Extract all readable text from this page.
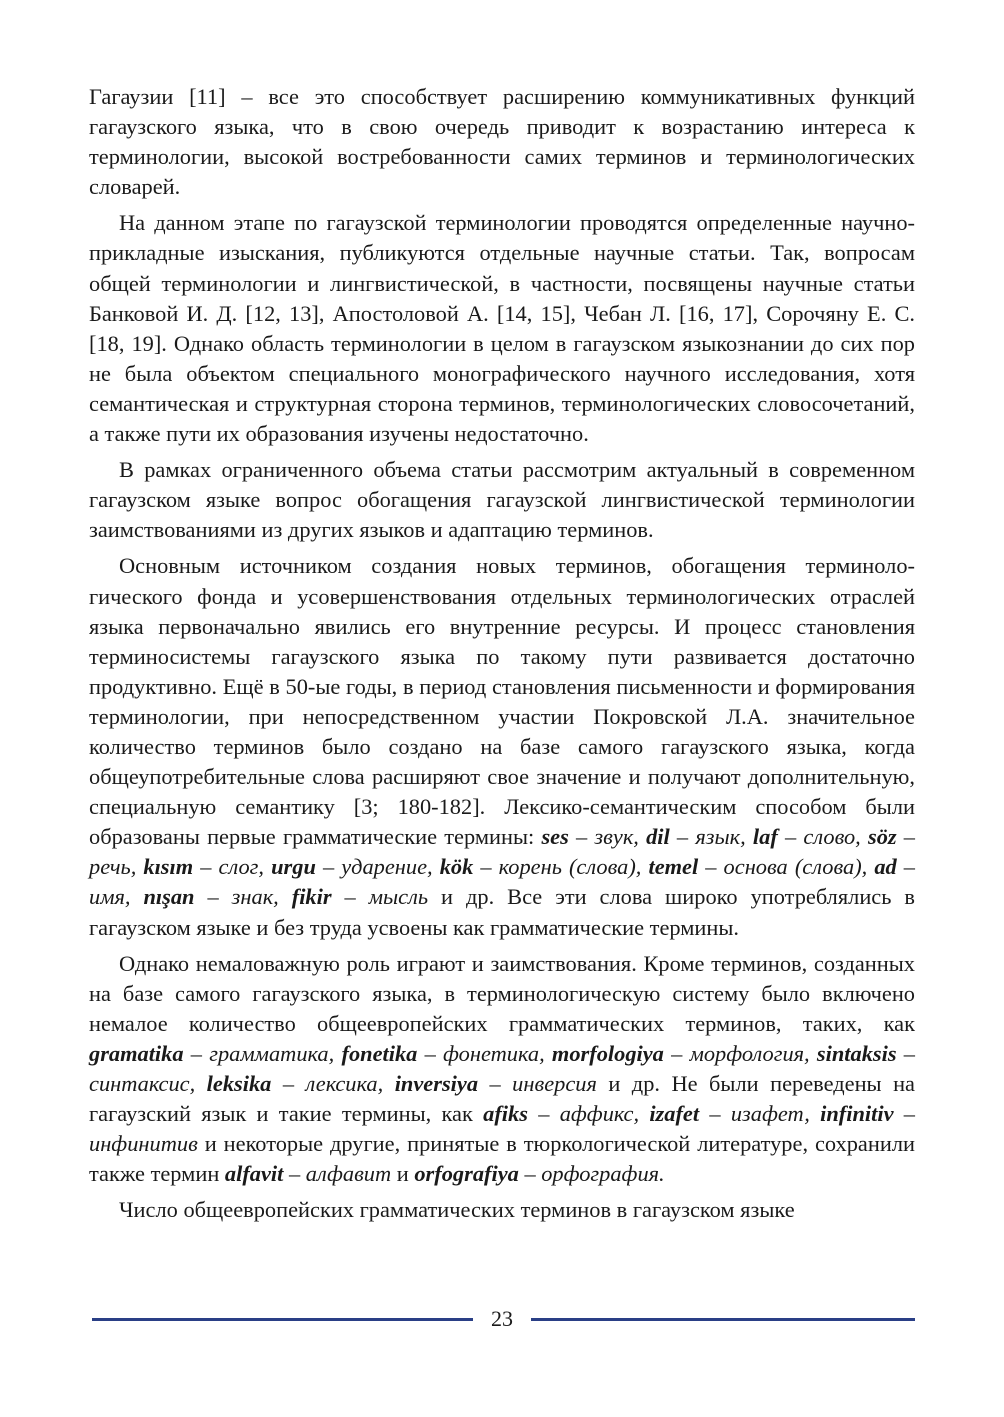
Гагаузии [11] – все это способствует расширению коммуникативных функций гагаузского языка, что в свою очередь приводит к возрастанию интереса к терминологии, высокой востребованности самих терминов и терминологических словарей.

На данном этапе по гагаузской терминологии проводятся определенные научно-прикладные изыскания, публикуются отдельные научные статьи. Так, вопросам общей терминологии и лингвистической, в частности, посвящены научные статьи Банковой И. Д. [12, 13], Апостоловой А. [14, 15], Чебан Л. [16, 17], Сорочяну Е. С. [18, 19]. Однако область терминологии в целом в гагаузском языкознании до сих пор не была объектом специального монографического научного исследования, хотя семантическая и структурная сторона терминов, терминологических словосочетаний, а также пути их образования изучены недостаточно.

В рамках ограниченного объема статьи рассмотрим актуальный в современном гагаузском языке вопрос обогащения гагаузской лингвистической терминологии заимствованиями из других языков и адаптацию терминов.

Основным источником создания новых терминов, обогащения терминологического фонда и усовершенствования отдельных терминологических отраслей языка первоначально явились его внутренние ресурсы. И процесс становления терминосистемы гагаузского языка по такому пути развивается достаточно продуктивно. Ещё в 50-ые годы, в период становления письменности и формирования терминологии, при непосредственном участии Покровской Л.А. значительное количество терминов было создано на базе самого гагаузского языка, когда общеупотребительные слова расширяют свое значение и получают дополнительную, специальную семантику [3; 180-182]. Лексико-семантическим способом были образованы первые грамматические термины: ses – звук, dil – язык, laf – слово, söz – речь, kısım – слог, urgu – ударение, kök – корень (слова), temel – основа (слова), ad – имя, nışan – знак, fikir – мысль и др. Все эти слова широко употреблялись в гагаузском языке и без труда усвоены как грамматические термины.

Однако немаловажную роль играют и заимствования. Кроме терминов, созданных на базе самого гагаузского языка, в терминологическую систему было включено немалое количество общеевропейских грамматических терминов, таких, как gramatika – грамматика, fonetika – фонетика, morfologiya – морфология, sintaksis – синтаксис, leksika – лексика, inversiya – инверсия и др. Не были переведены на гагаузский язык и такие термины, как afiks – аффикс, izafet – изафет, infinitiv – инфинитив и некоторые другие, принятые в тюркологической литературе, сохранили также термин alfavit – алфавит и orfografiya – орфография.

Число общеевропейских грамматических терминов в гагаузском языке

23
